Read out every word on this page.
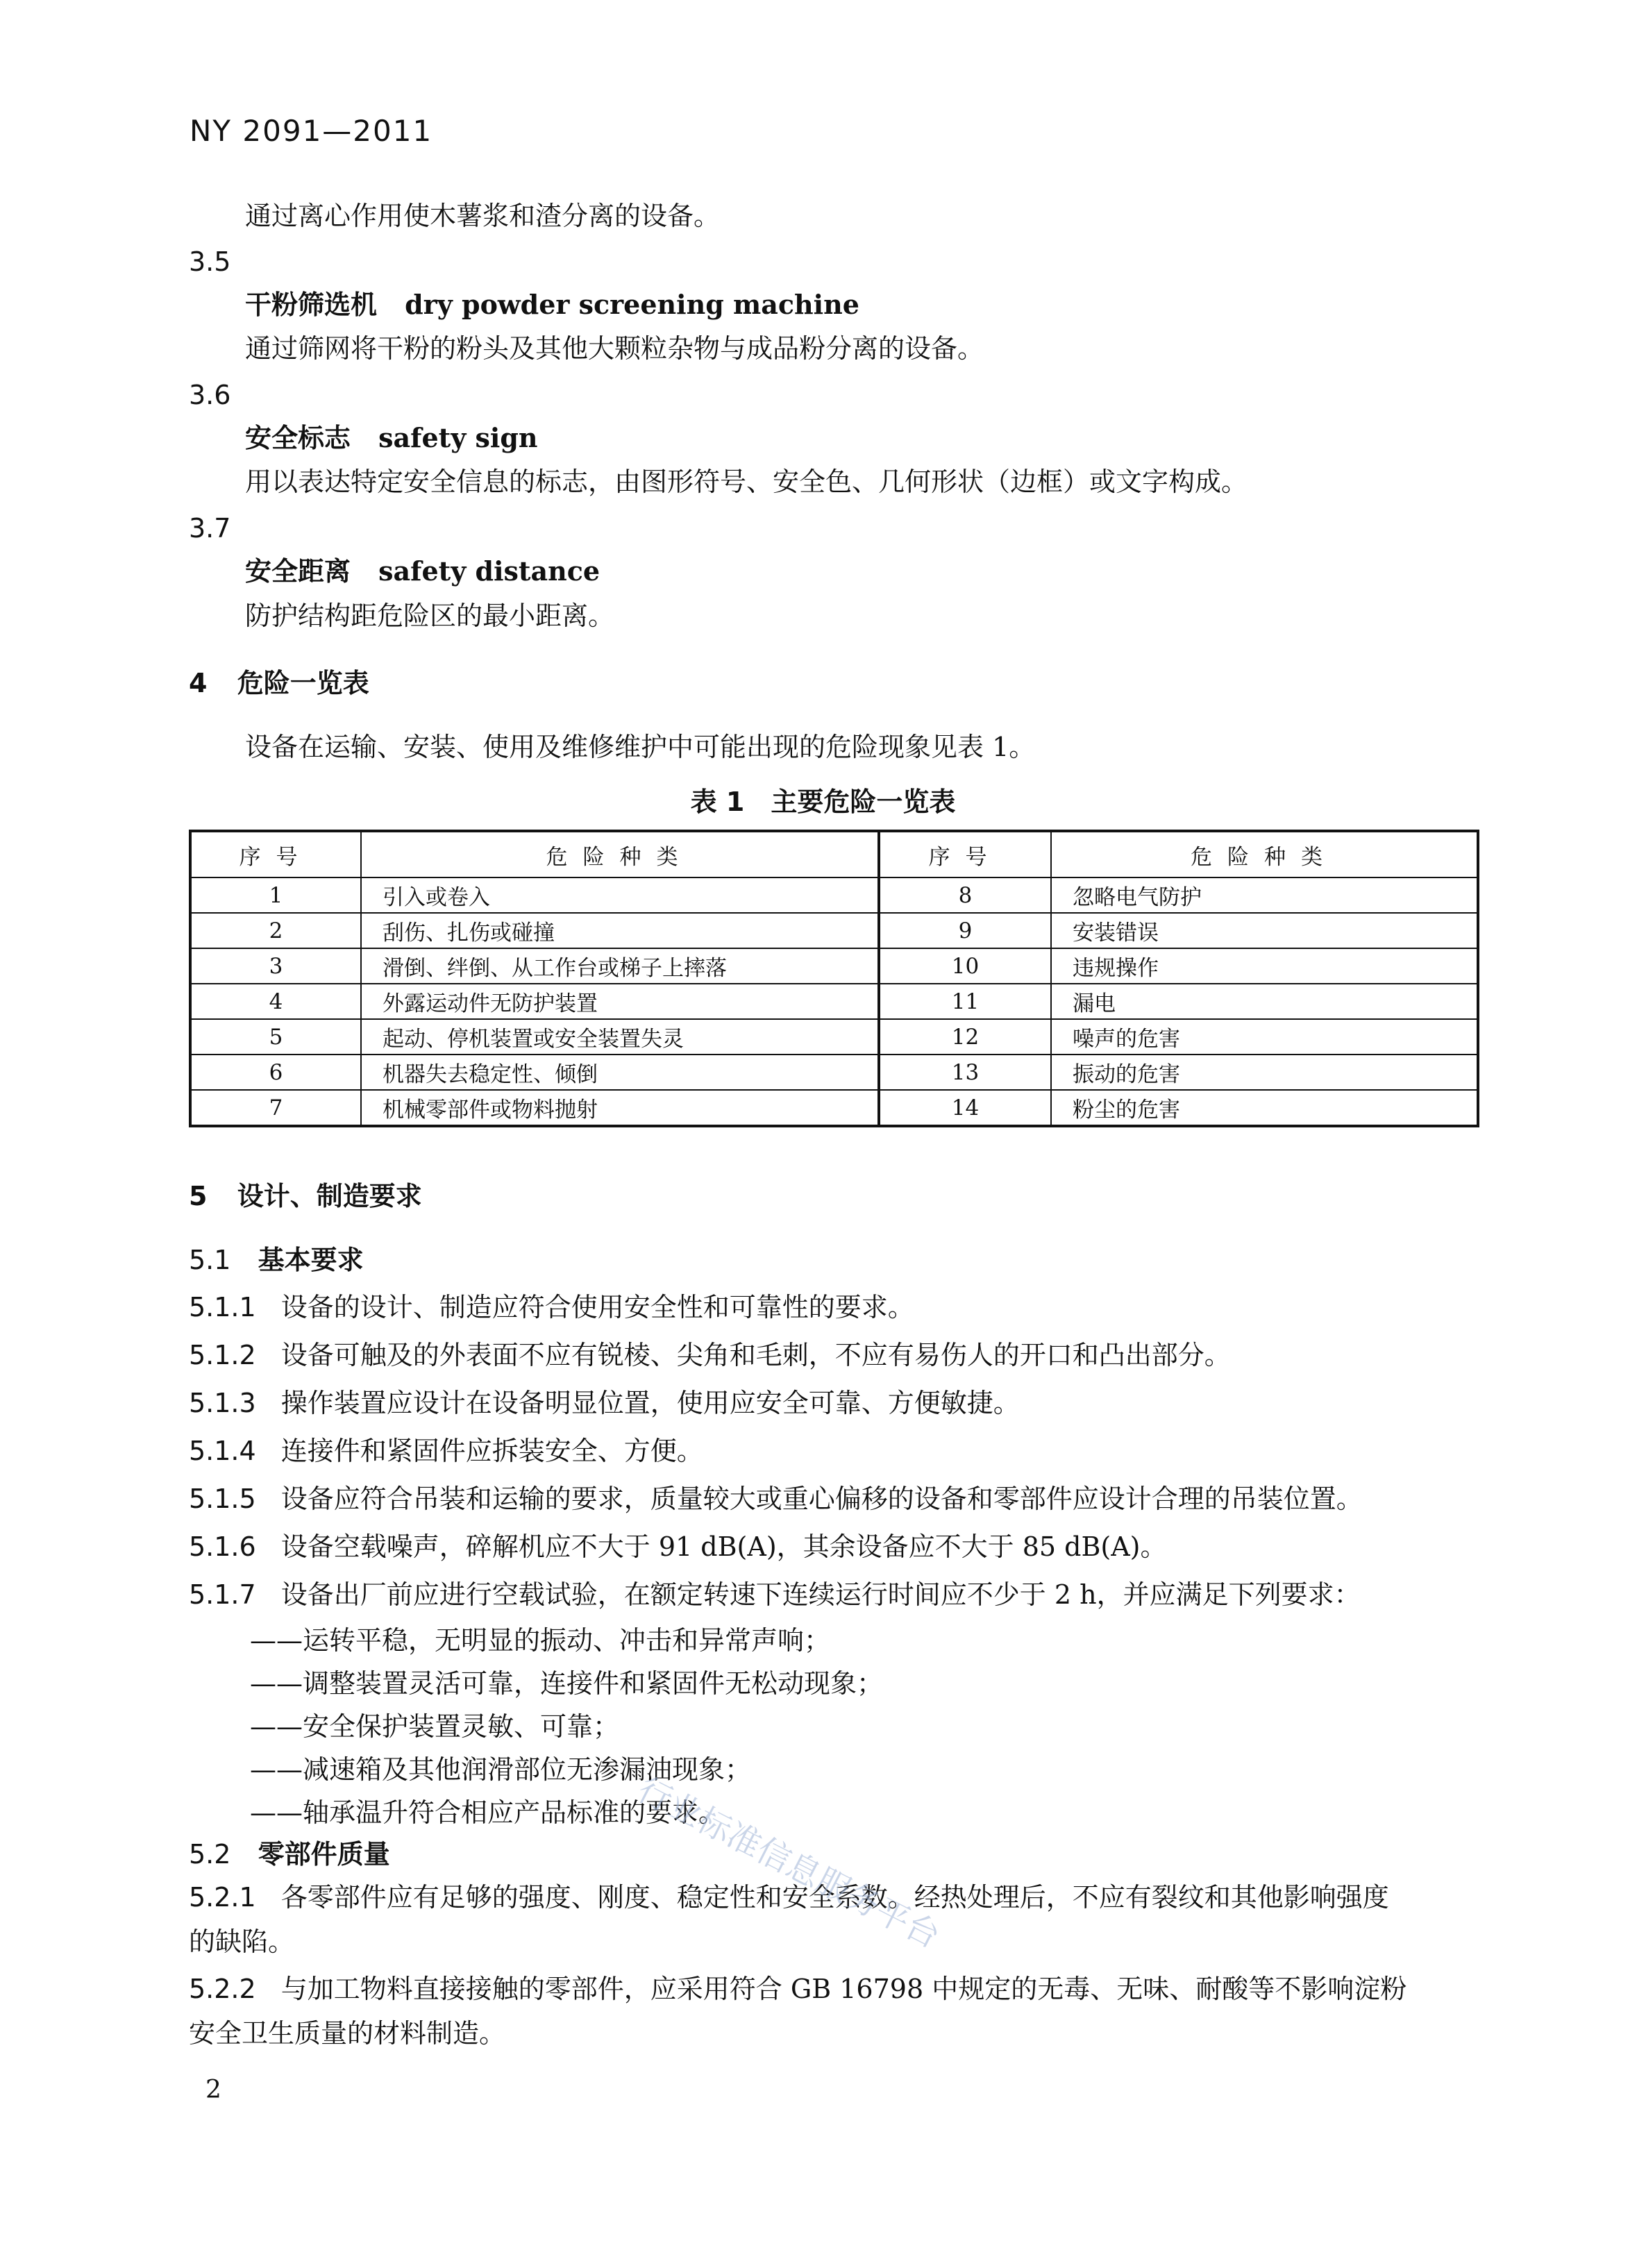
NY 2091—2011
通过离心作用使木薯浆和渣分离的设备。
3.5
干粉筛选机 dry powder screening machine
通过筛网将干粉的粉头及其他大颗粒杂物与成品粉分离的设备。
3.6
安全标志 safety sign
用以表达特定安全信息的标志，由图形符号、安全色、几何形状（边框）或文字构成。
3.7
安全距离 safety distance
防护结构距危险区的最小距离。
4 危险一览表
设备在运输、安装、使用及维修维护中可能出现的危险现象见表 1。
表 1　主要危险一览表
序号	危险种类	序号	危险种类
1	引入或卷入	8	忽略电气防护
2	刮伤、扎伤或碰撞	9	安装错误
3	滑倒、绊倒、从工作台或梯子上摔落	10	违规操作
4	外露运动件无防护装置	11	漏电
5	起动、停机装置或安全装置失灵	12	噪声的危害
6	机器失去稳定性、倾倒	13	振动的危害
7	机械零部件或物料抛射	14	粉尘的危害
5 设计、制造要求
5.1 基本要求
5.1.1 设备的设计、制造应符合使用安全性和可靠性的要求。
5.1.2 设备可触及的外表面不应有锐棱、尖角和毛刺，不应有易伤人的开口和凸出部分。
5.1.3 操作装置应设计在设备明显位置，使用应安全可靠、方便敏捷。
5.1.4 连接件和紧固件应拆装安全、方便。
5.1.5 设备应符合吊装和运输的要求，质量较大或重心偏移的设备和零部件应设计合理的吊装位置。
5.1.6 设备空载噪声，碎解机应不大于 91 dB(A)，其余设备应不大于 85 dB(A)。
5.1.7 设备出厂前应进行空载试验，在额定转速下连续运行时间应不少于 2 h，并应满足下列要求：
——运转平稳，无明显的振动、冲击和异常声响；
——调整装置灵活可靠，连接件和紧固件无松动现象；
——安全保护装置灵敏、可靠；
——减速箱及其他润滑部位无渗漏油现象；
——轴承温升符合相应产品标准的要求。
5.2 零部件质量
5.2.1 各零部件应有足够的强度、刚度、稳定性和安全系数。经热处理后，不应有裂纹和其他影响强度
的缺陷。
5.2.2 与加工物料直接接触的零部件，应采用符合 GB 16798 中规定的无毒、无味、耐酸等不影响淀粉
安全卫生质量的材料制造。
行业标准信息服务平台
2
